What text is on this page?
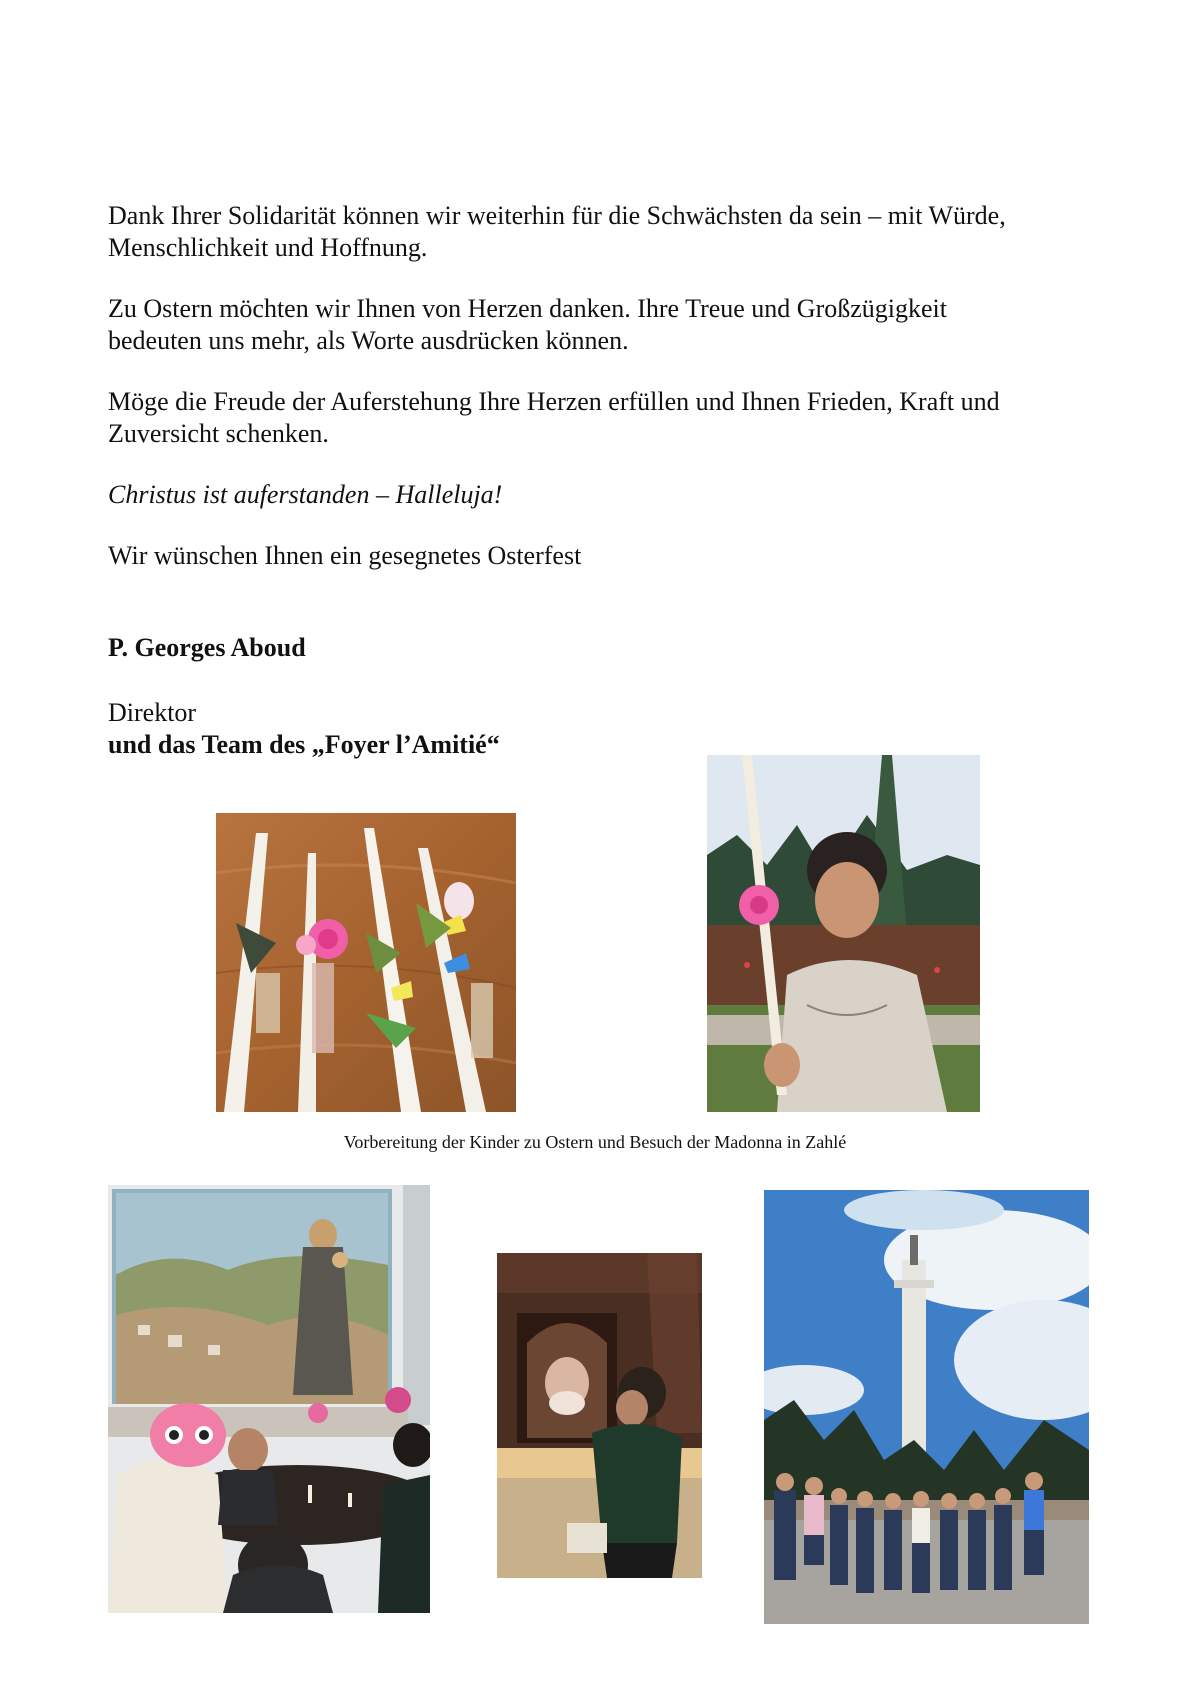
Dank Ihrer Solidarität können wir weiterhin für die Schwächsten da sein – mit Würde,
Menschlichkeit und Hoffnung.

Zu Ostern möchten wir Ihnen von Herzen danken. Ihre Treue und Großzügigkeit
bedeuten uns mehr, als Worte ausdrücken können.

Möge die Freude der Auferstehung Ihre Herzen erfüllen und Ihnen Frieden, Kraft und
Zuversicht schenken.

Christus ist auferstanden – Halleluja!

Wir wünschen Ihnen ein gesegnetes Osterfest

P. Georges Aboud

Direktor

und das Team des „Foyer l’Amitié“

Vorbereitung der Kinder zu Ostern und Besuch der Madonna in Zahlé
